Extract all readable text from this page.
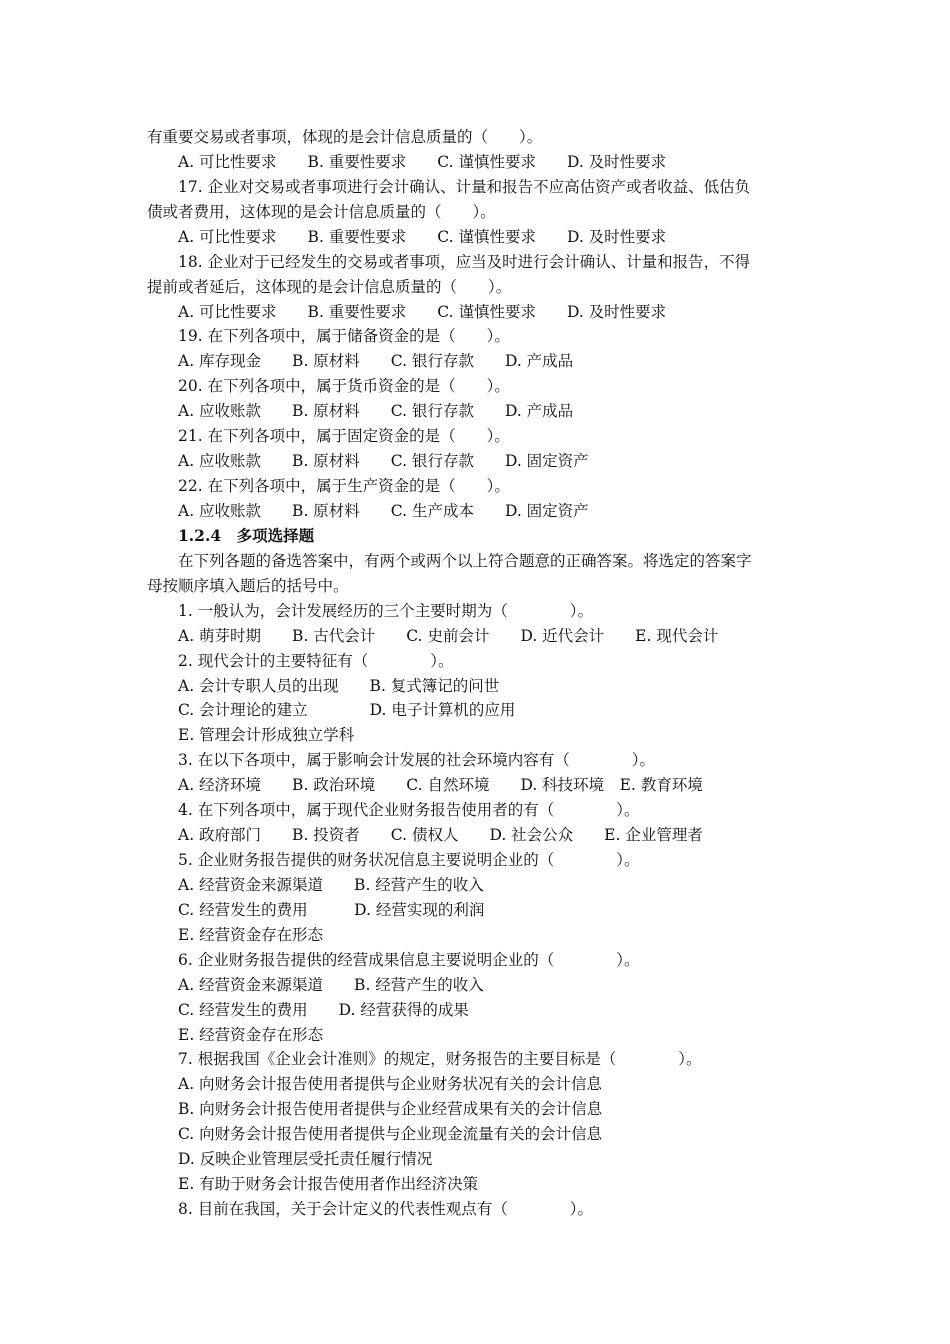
有重要交易或者事项，体现的是会计信息质量的（　　）。
A. 可比性要求　　B. 重要性要求　　C. 谨慎性要求　　D. 及时性要求
17. 企业对交易或者事项进行会计确认、计量和报告不应高估资产或者收益、低估负
债或者费用，这体现的是会计信息质量的（　　）。
A. 可比性要求　　B. 重要性要求　　C. 谨慎性要求　　D. 及时性要求
18. 企业对于已经发生的交易或者事项，应当及时进行会计确认、计量和报告，不得
提前或者延后，这体现的是会计信息质量的（　　）。
A. 可比性要求　　B. 重要性要求　　C. 谨慎性要求　　D. 及时性要求
19. 在下列各项中，属于储备资金的是（　　）。
A. 库存现金　　B. 原材料　　C. 银行存款　　D. 产成品
20. 在下列各项中，属于货币资金的是（　　）。
A. 应收账款　　B. 原材料　　C. 银行存款　　D. 产成品
21. 在下列各项中，属于固定资金的是（　　）。
A. 应收账款　　B. 原材料　　C. 银行存款　　D. 固定资产
22. 在下列各项中，属于生产资金的是（　　）。
A. 应收账款　　B. 原材料　　C. 生产成本　　D. 固定资产
1.2.4　多项选择题
在下列各题的备选答案中，有两个或两个以上符合题意的正确答案。将选定的答案字
母按顺序填入题后的括号中。
1. 一般认为，会计发展经历的三个主要时期为（　　　　）。
A. 萌芽时期　　B. 古代会计　　C. 史前会计　　D. 近代会计　　E. 现代会计
2. 现代会计的主要特征有（　　　　）。
A. 会计专职人员的出现　　B. 复式簿记的问世
C. 会计理论的建立　　　　D. 电子计算机的应用
E. 管理会计形成独立学科
3. 在以下各项中，属于影响会计发展的社会环境内容有（　　　　）。
A. 经济环境　　B. 政治环境　　C. 自然环境　　D. 科技环境　E. 教育环境
4. 在下列各项中，属于现代企业财务报告使用者的有（　　　　）。
A. 政府部门　　B. 投资者　　C. 债权人　　D. 社会公众　　E. 企业管理者
5. 企业财务报告提供的财务状况信息主要说明企业的（　　　　）。
A. 经营资金来源渠道　　B. 经营产生的收入
C. 经营发生的费用　　　D. 经营实现的利润
E. 经营资金存在形态
6. 企业财务报告提供的经营成果信息主要说明企业的（　　　　）。
A. 经营资金来源渠道　　B. 经营产生的收入
C. 经营发生的费用　　D. 经营获得的成果
E. 经营资金存在形态
7. 根据我国《企业会计准则》的规定，财务报告的主要目标是（　　　　）。
A. 向财务会计报告使用者提供与企业财务状况有关的会计信息
B. 向财务会计报告使用者提供与企业经营成果有关的会计信息
C. 向财务会计报告使用者提供与企业现金流量有关的会计信息
D. 反映企业管理层受托责任履行情况
E. 有助于财务会计报告使用者作出经济决策
8. 目前在我国，关于会计定义的代表性观点有（　　　　）。
